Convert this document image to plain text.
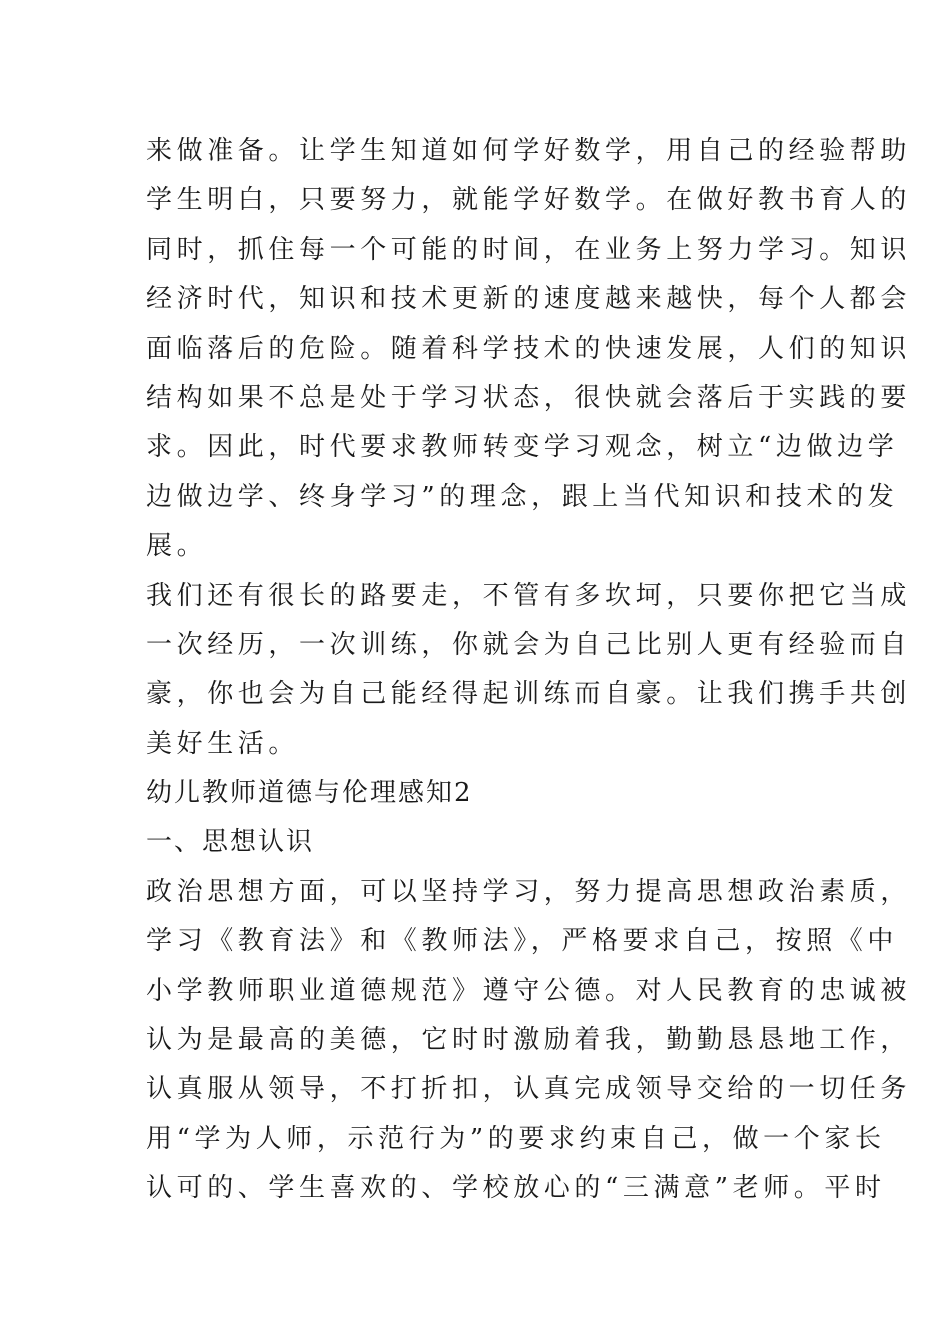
来做准备。让学生知道如何学好数学，用自己的经验帮助
学生明白，只要努力，就能学好数学。在做好教书育人的
同时，抓住每一个可能的时间，在业务上努力学习。知识
经济时代，知识和技术更新的速度越来越快，每个人都会
面临落后的危险。随着科学技术的快速发展，人们的知识
结构如果不总是处于学习状态，很快就会落后于实践的要
求。因此，时代要求教师转变学习观念，树立“边做边学
边做边学、终身学习”的理念，跟上当代知识和技术的发
展。
我们还有很长的路要走，不管有多坎坷，只要你把它当成
一次经历，一次训练，你就会为自己比别人更有经验而自
豪，你也会为自己能经得起训练而自豪。让我们携手共创
美好生活。
幼儿教师道德与伦理感知2
一、思想认识
政治思想方面，可以坚持学习，努力提高思想政治素质，
学习《教育法》和《教师法》，严格要求自己，按照《中
小学教师职业道德规范》遵守公德。对人民教育的忠诚被
认为是最高的美德，它时时激励着我，勤勤恳恳地工作，
认真服从领导，不打折扣，认真完成领导交给的一切任务
用“学为人师，示范行为”的要求约束自己，做一个家长
认可的、学生喜欢的、学校放心的“三满意”老师。平时
